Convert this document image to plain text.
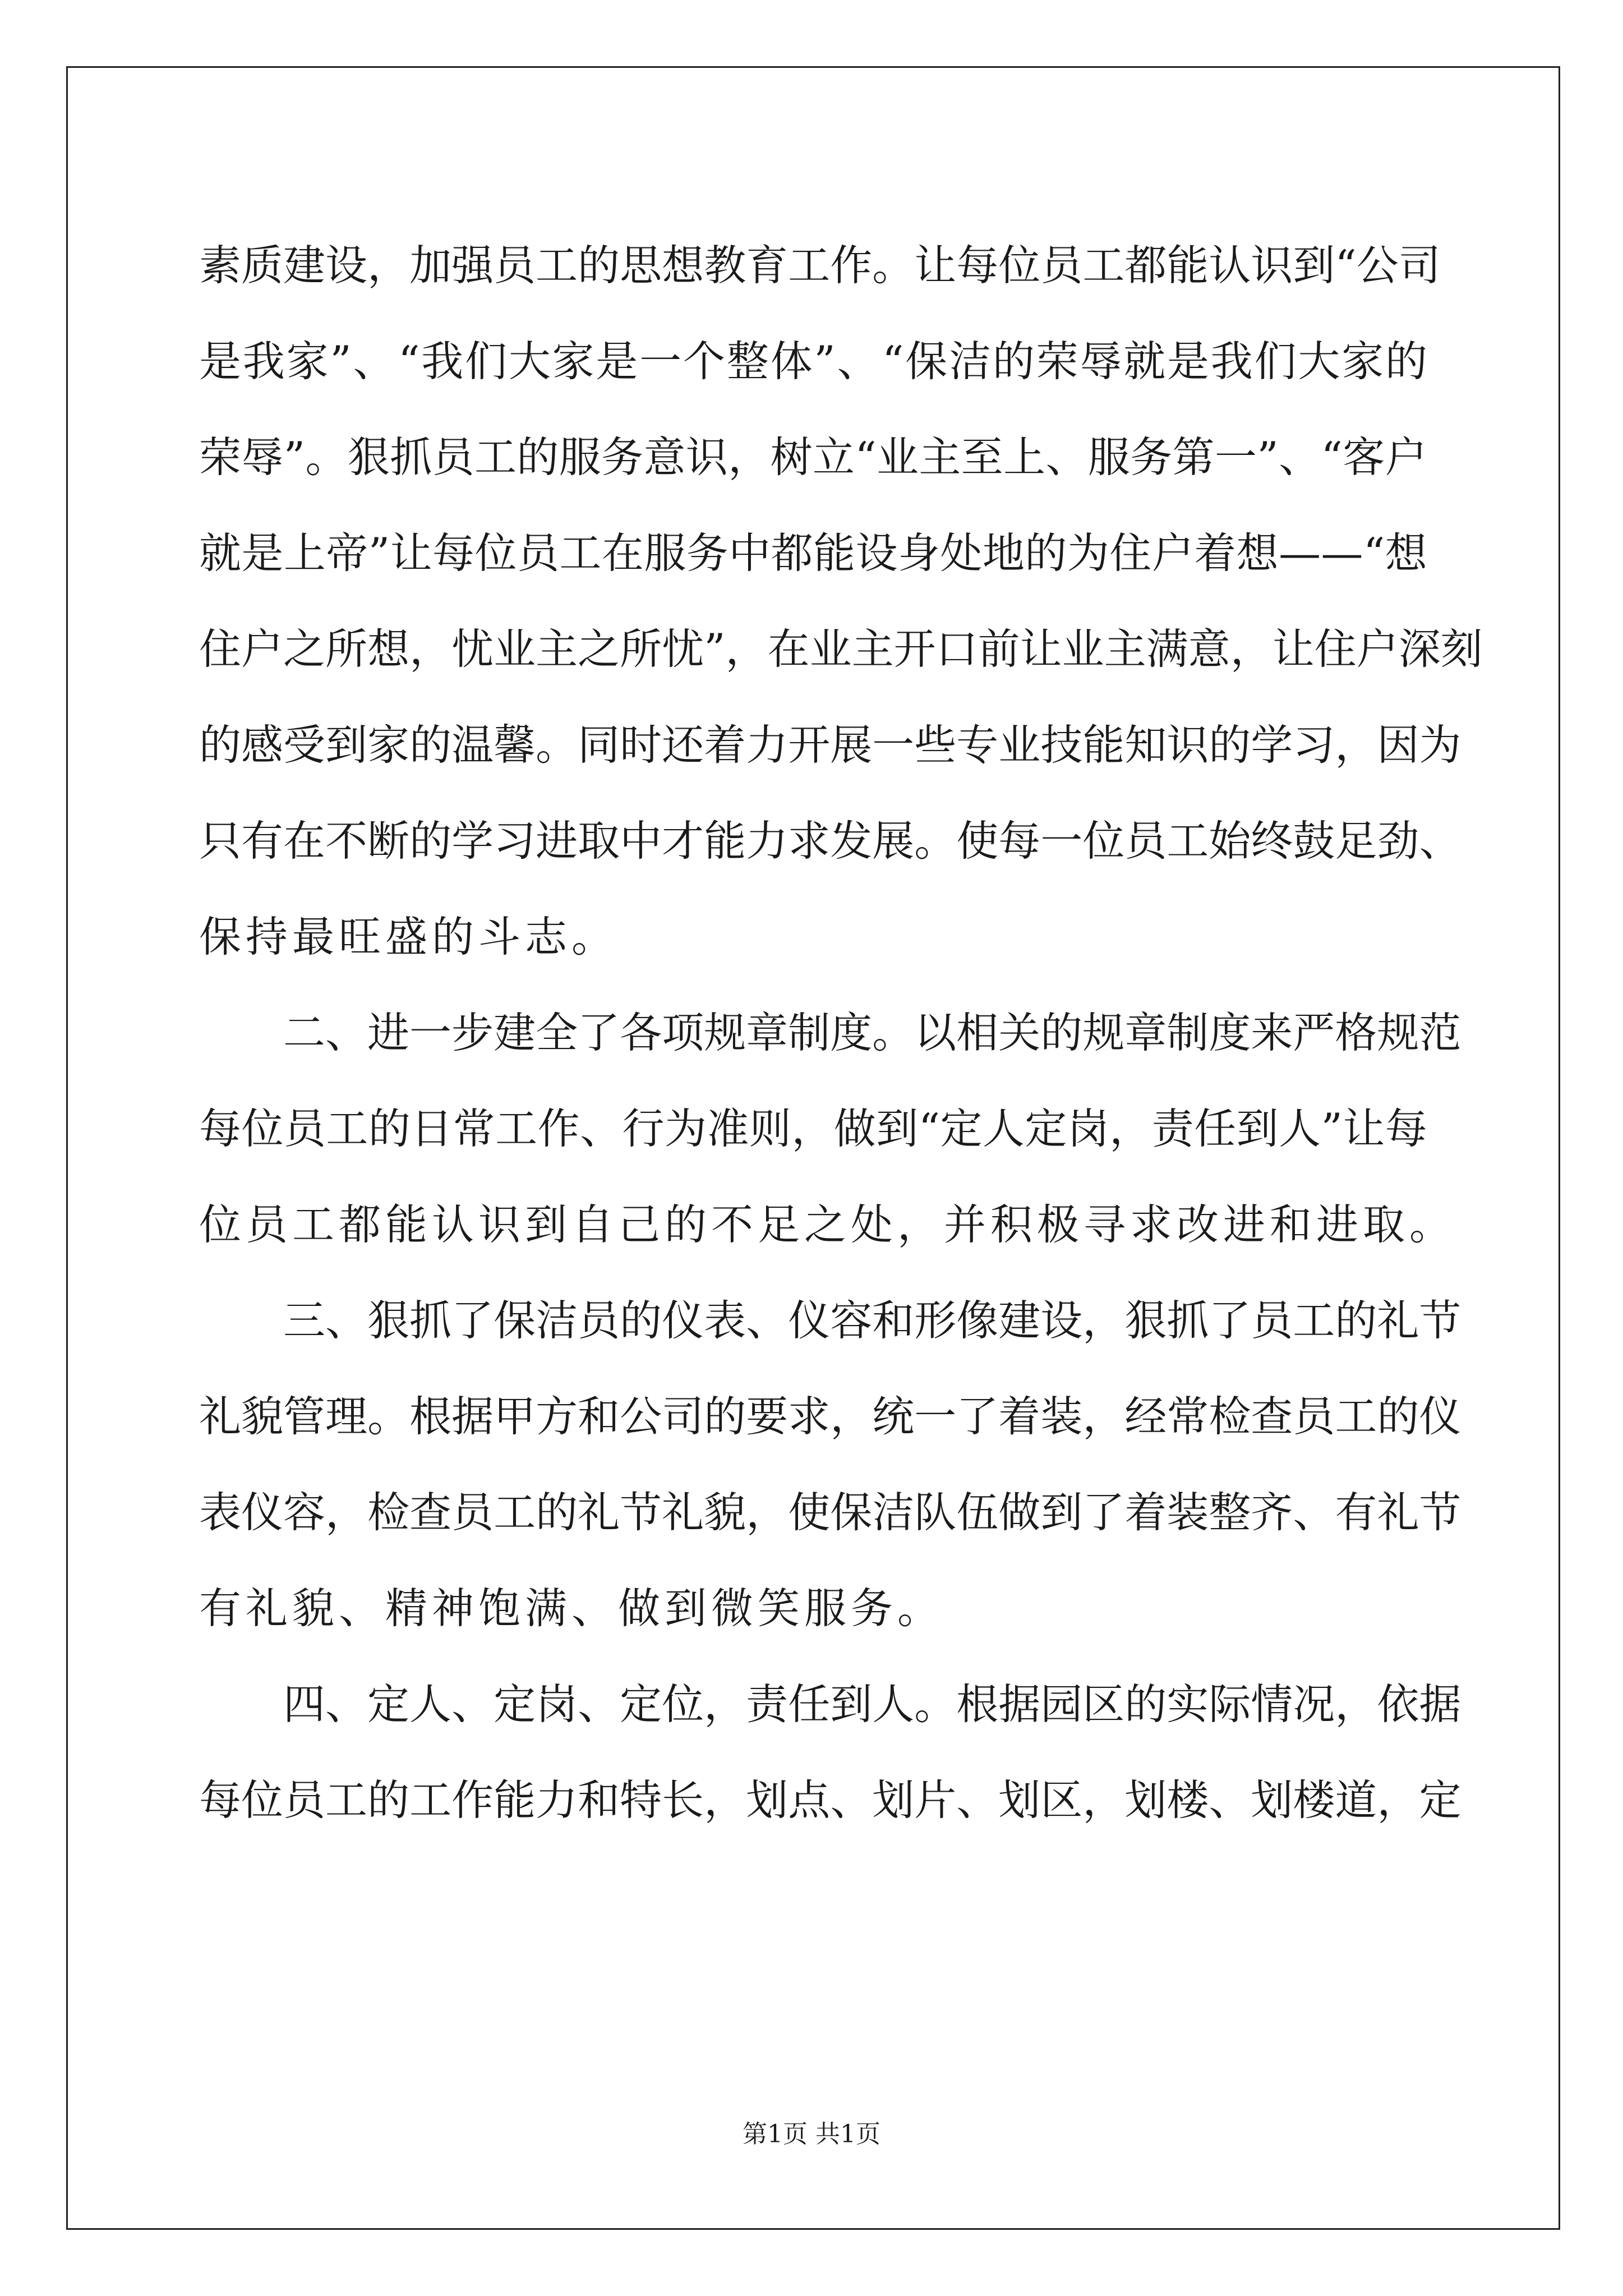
素 质 建 设 ， 加 强 员 工 的 思 想 教 育 工 作 。 让 每 位 员 工 都 能 认 识 到 “ 公 司
是 我 家 ” 、 “ 我 们 大 家 是 一 个 整 体 ” 、 “ 保 洁 的 荣 辱 就 是 我 们 大 家 的
荣 辱 ” 。 狠 抓 员 工 的 服 务 意 识 ， 树 立 “ 业 主 至 上 、 服 务 第 一 ” 、 “ 客 户
就 是 上 帝 ” 让 每 位 员 工 在 服 务 中 都 能 设 身 处 地 的 为 住 户 着 想 — — “ 想
住 户 之 所 想 ， 忧 业 主 之 所 忧 ” ， 在 业 主 开 口 前 让 业 主 满 意 ， 让 住 户 深 刻
的 感 受 到 家 的 温 馨 。 同 时 还 着 力 开 展 一 些 专 业 技 能 知 识 的 学 习 ， 因 为
只 有 在 不 断 的 学 习 进 取 中 才 能 力 求 发 展 。 使 每 一 位 员 工 始 终 鼓 足 劲 、
保持最旺盛的斗志。
二 、 进 一 步 建 全 了 各 项 规 章 制 度 。 以 相 关 的 规 章 制 度 来 严 格 规 范
每 位 员 工 的 日 常 工 作 、 行 为 准 则 ， 做 到 “ 定 人 定 岗 ， 责 任 到 人 ” 让 每
位员工都能认识到自己的不足之处，并积极寻求改进和进取。
三 、 狠 抓 了 保 洁 员 的 仪 表 、 仪 容 和 形 像 建 设 ， 狠 抓 了 员 工 的 礼 节
礼 貌 管 理 。 根 据 甲 方 和 公 司 的 要 求 ， 统 一 了 着 装 ， 经 常 检 查 员 工 的 仪
表 仪 容 ， 检 查 员 工 的 礼 节 礼 貌 ， 使 保 洁 队 伍 做 到 了 着 装 整 齐 、 有 礼 节
有礼貌、精神饱满、做到微笑服务。
四 、 定 人 、 定 岗 、 定 位 ， 责 任 到 人 。 根 据 园 区 的 实 际 情 况 ， 依 据
每 位 员 工 的 工 作 能 力 和 特 长 ， 划 点 、 划 片 、 划 区 ， 划 楼 、 划 楼 道 ， 定
第1页 共1页
